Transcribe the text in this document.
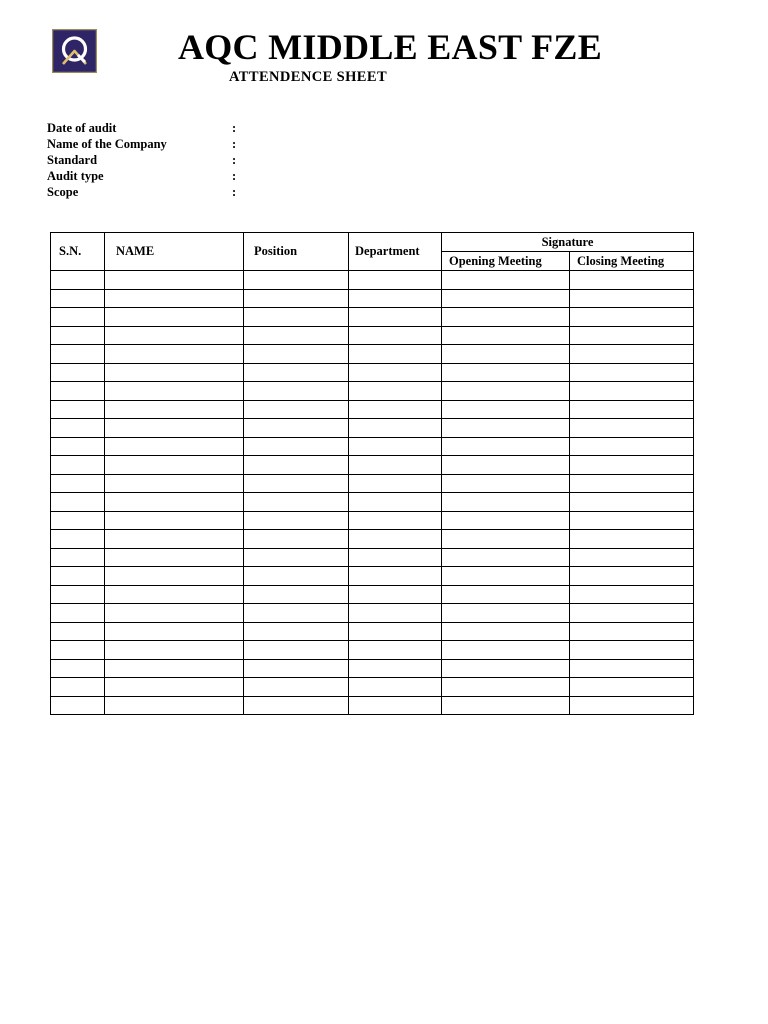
AQC MIDDLE EAST FZE
ATTENDENCE SHEET
Date of audit	:
Name of the Company	:
Standard	:
Audit type	:
Scope	:
S.N.	NAME	Position	Department	Signature	
				Opening Meeting	Closing Meeting
